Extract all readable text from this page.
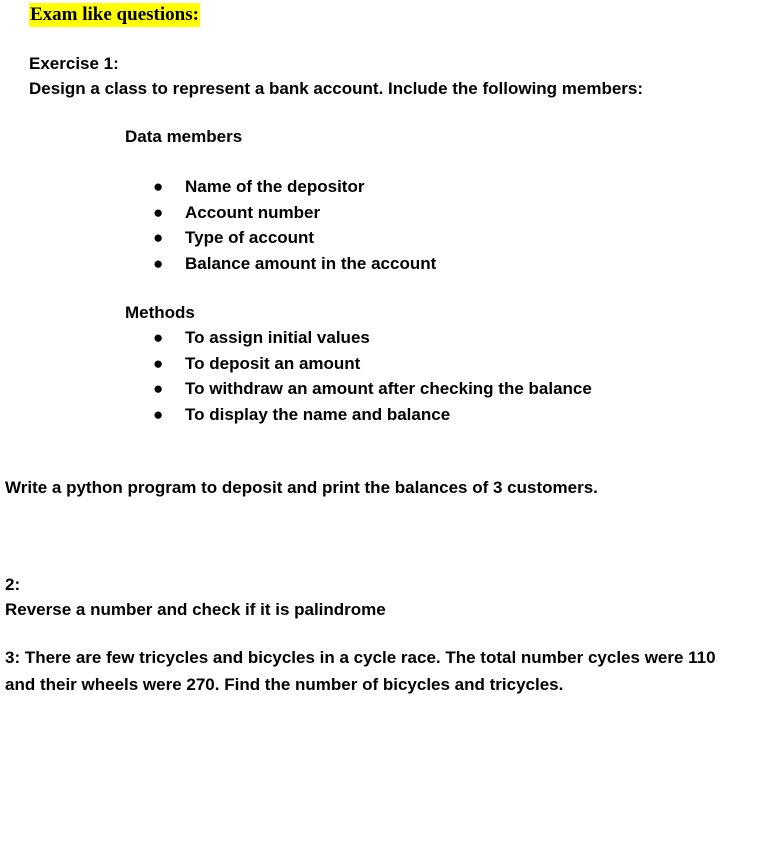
Exam like questions:
Exercise 1:
Design a class to represent a bank account. Include the following members:
Data members
● Name of the depositor
● Account number
● Type of account
● Balance amount in the account
Methods
● To assign initial values
● To deposit an amount
● To withdraw an amount after checking the balance
● To display the name and balance
Write a python program to deposit and print the balances of 3 customers.
2:
Reverse a number and check if it is palindrome
3: There are few tricycles and bicycles in a cycle race. The total number cycles were 110
and their wheels were 270. Find the number of bicycles and tricycles.
